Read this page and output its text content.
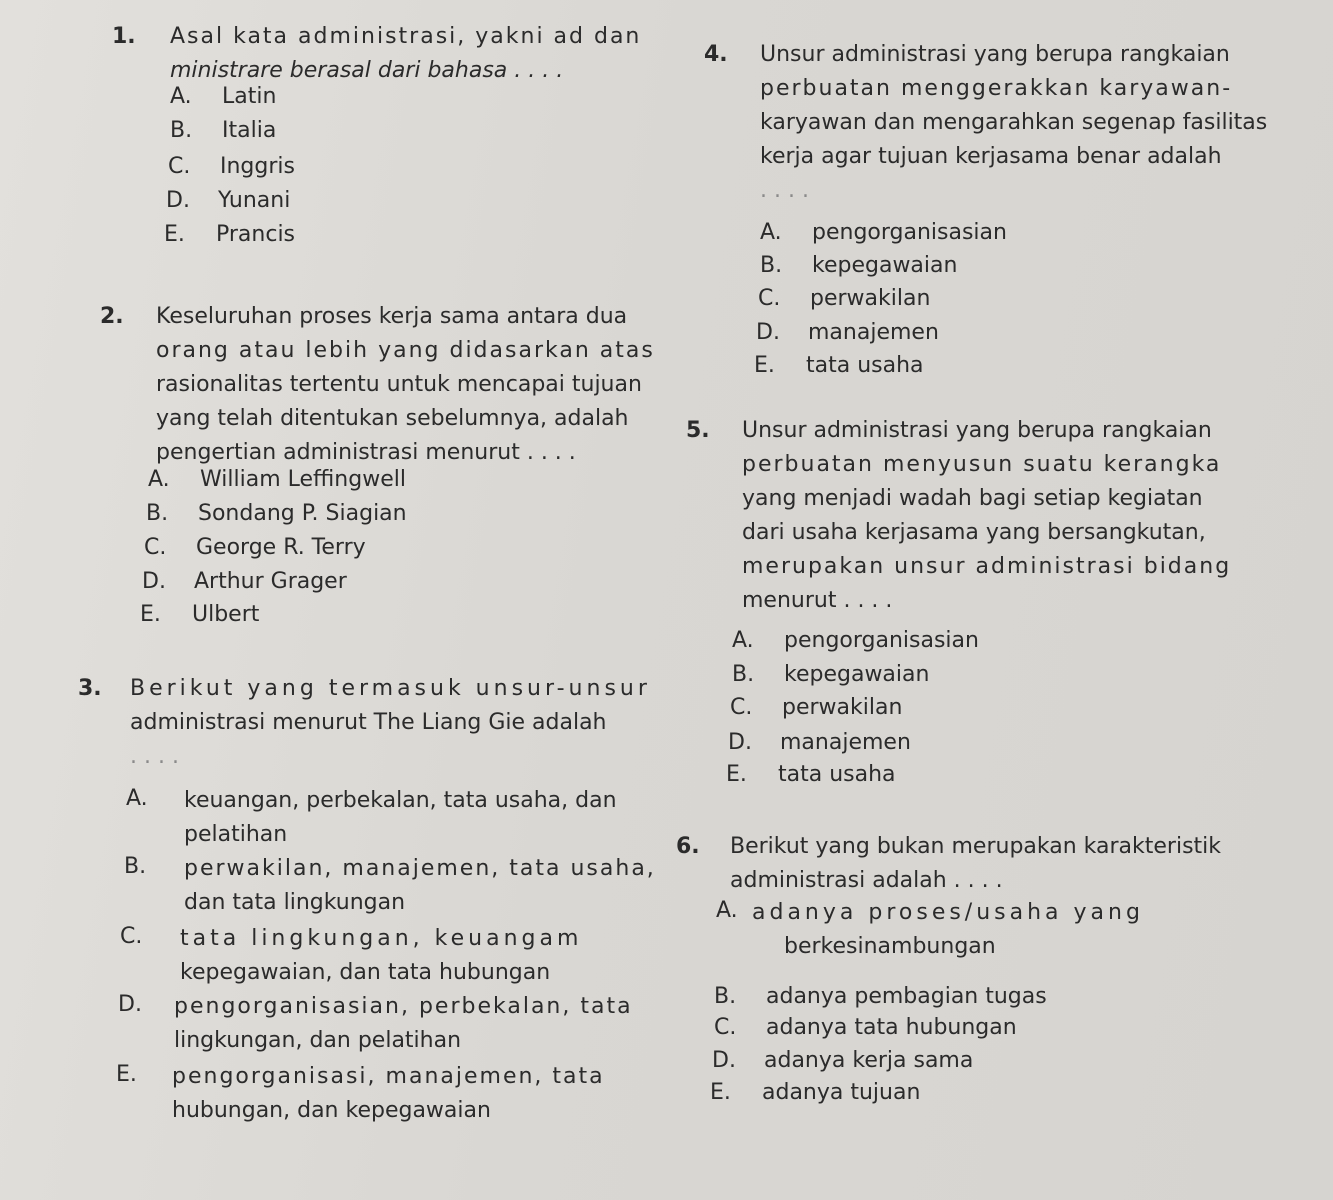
1. Asal kata administrasi, yakni ad dan
ministrare berasal dari bahasa . . . .
A. Latin
B. Italia
C. Inggris
D. Yunani
E. Prancis
2. Keseluruhan proses kerja sama antara dua
orang atau lebih yang didasarkan atas
rasionalitas tertentu untuk mencapai tujuan
yang telah ditentukan sebelumnya, adalah
pengertian administrasi menurut . . . .
A. William Leffingwell
B. Sondang P. Siagian
C. George R. Terry
D. Arthur Grager
E. Ulbert
3. Berikut yang termasuk unsur-unsur
administrasi menurut The Liang Gie adalah
. . . .
A.	keuangan, perbekalan, tata usaha, dan
pelatihan
B.	perwakilan, manajemen, tata usaha,
dan tata lingkungan
C.	tata lingkungan, keuangam
kepegawaian, dan tata hubungan
D.	pengorganisasian, perbekalan, tata
lingkungan, dan pelatihan
E.	pengorganisasi, manajemen, tata
hubungan, dan kepegawaian
4. Unsur administrasi yang berupa rangkaian
perbuatan menggerakkan karyawan-
karyawan dan mengarahkan segenap fasilitas
kerja agar tujuan kerjasama benar adalah
. . . .
A. pengorganisasian
B. kepegawaian
C. perwakilan
D. manajemen
E. tata usaha
5. Unsur administrasi yang berupa rangkaian
perbuatan menyusun suatu kerangka
yang menjadi wadah bagi setiap kegiatan
dari usaha kerjasama yang bersangkutan,
merupakan unsur administrasi bidang
menurut . . . .
A. pengorganisasian
B. kepegawaian
C. perwakilan
D. manajemen
E. tata usaha
6. Berikut yang bukan merupakan karakteristik
administrasi adalah . . . .
A. adanya proses/usaha yang
berkesinambungan
B. adanya pembagian tugas
C. adanya tata hubungan
D. adanya kerja sama
E. adanya tujuan
